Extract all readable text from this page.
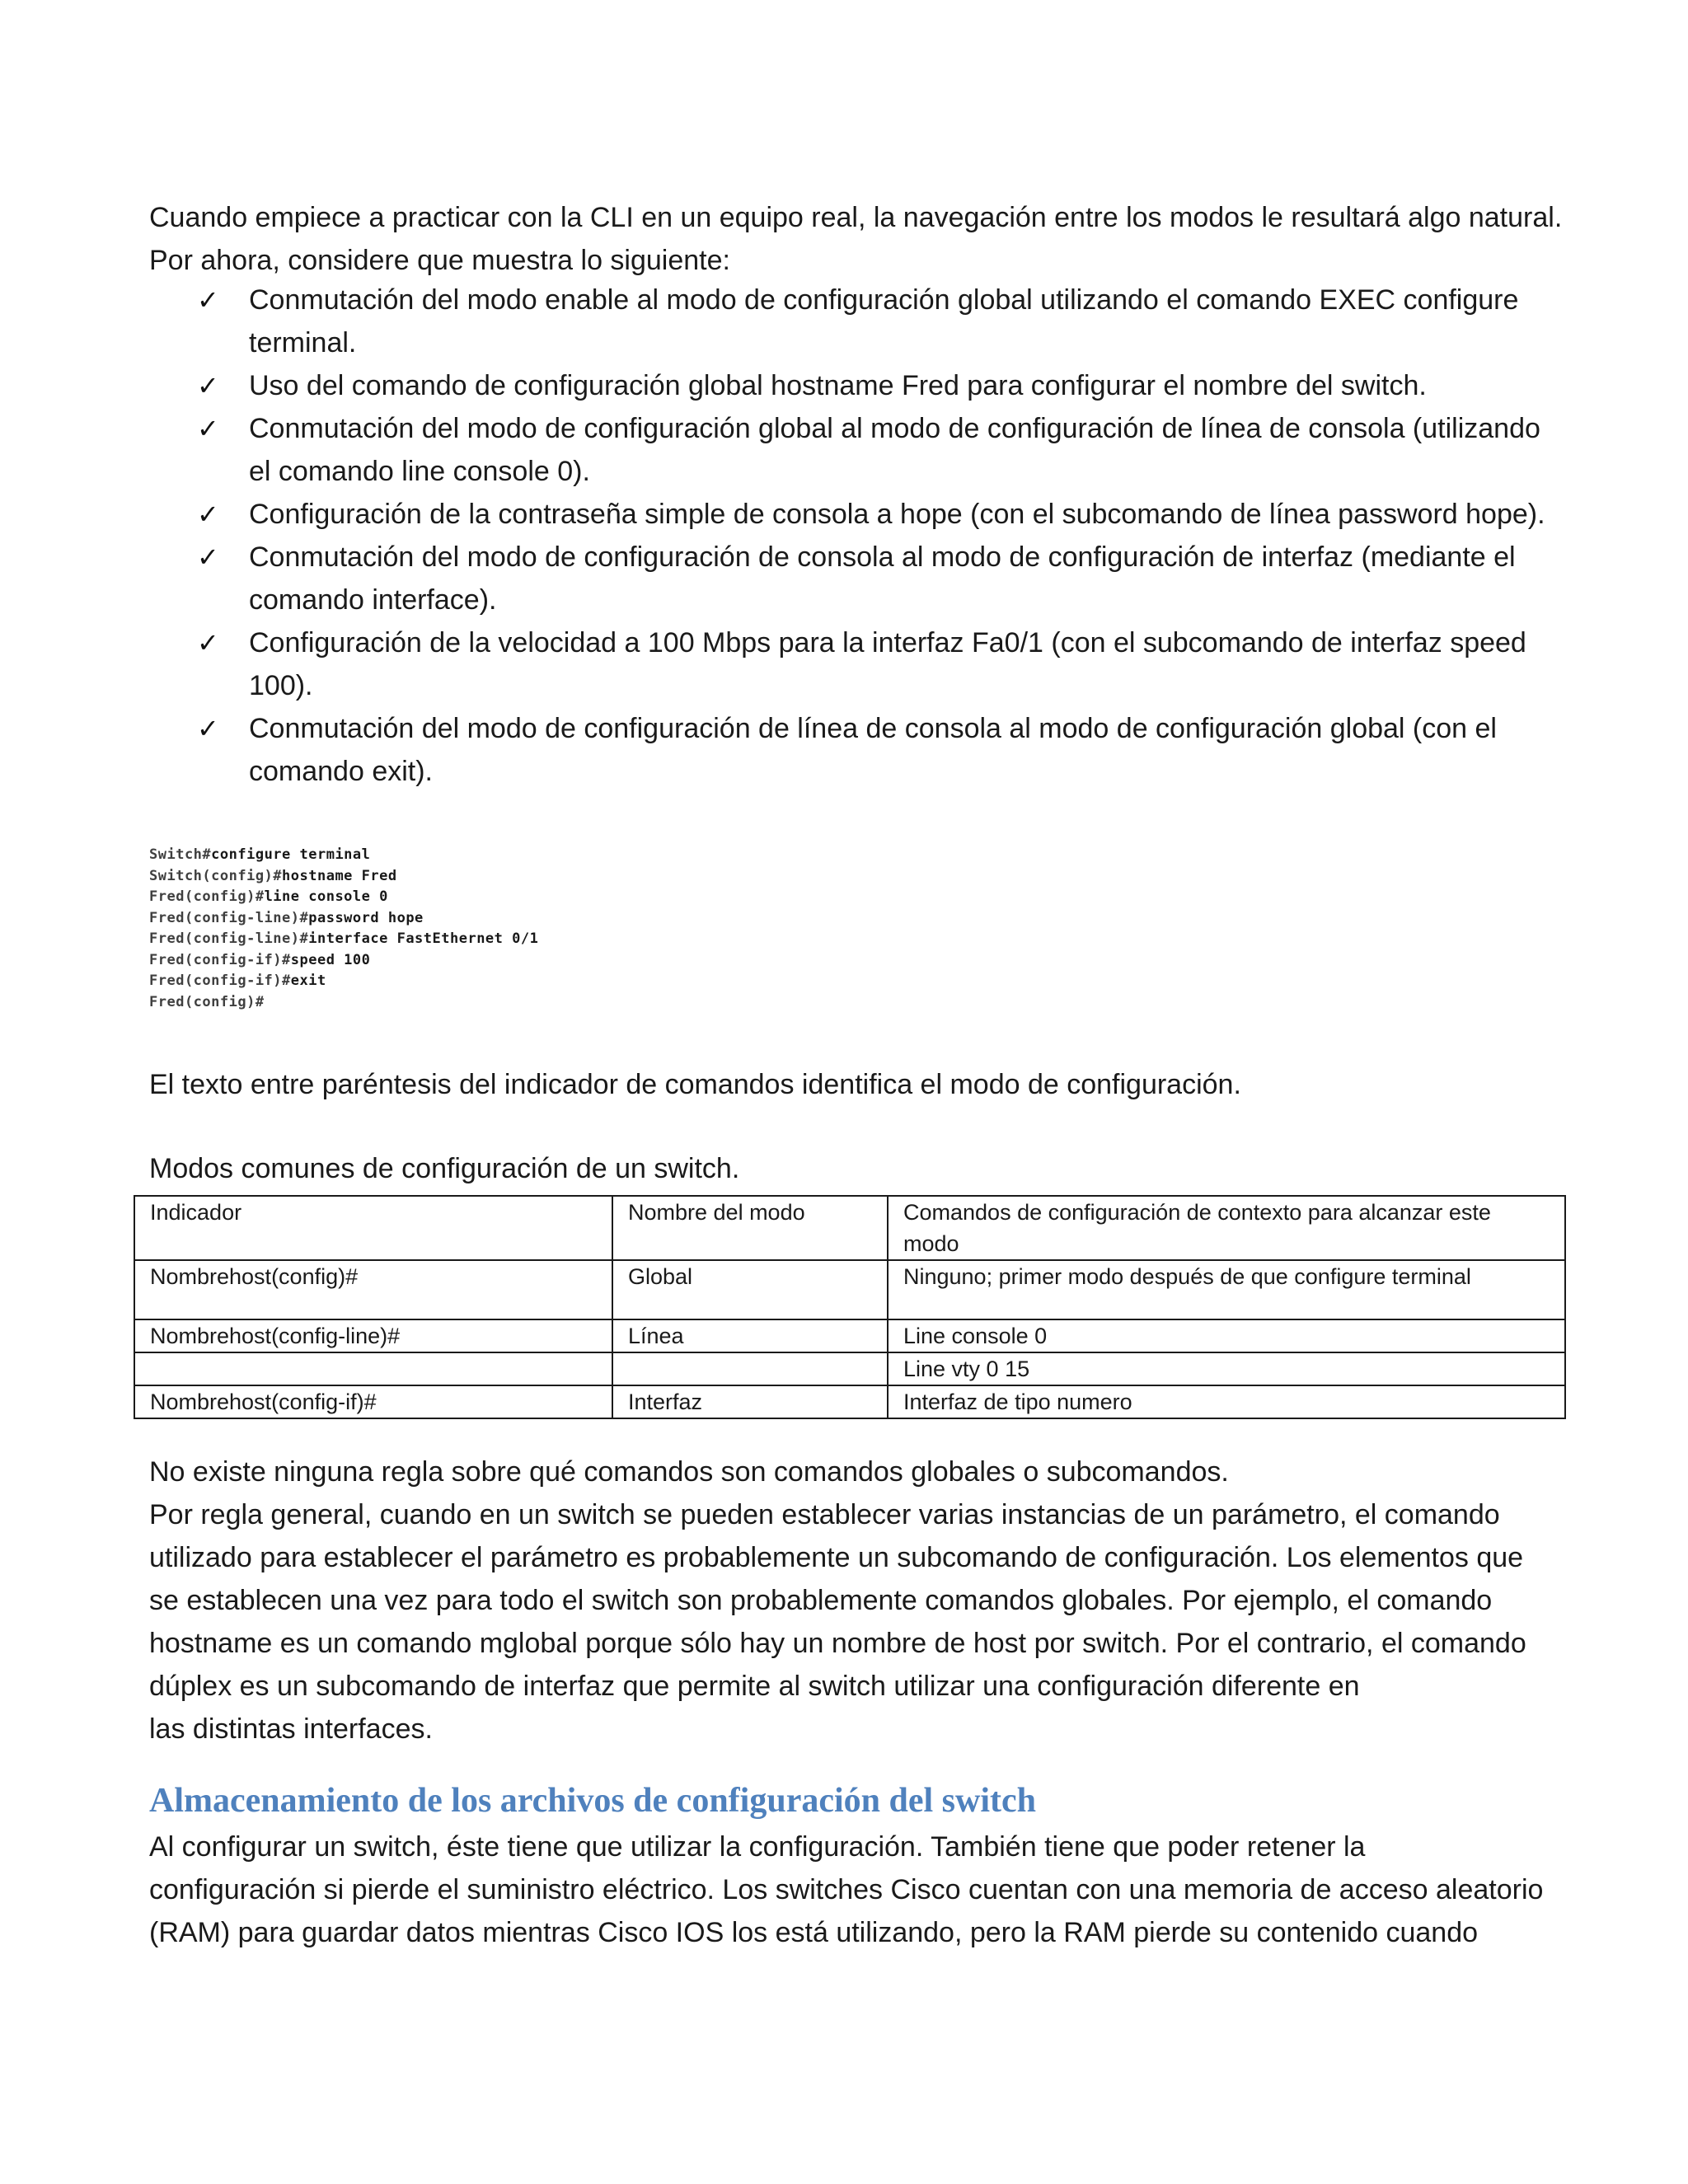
Cuando empiece a practicar con la CLI en un equipo real, la navegación entre los modos le resultará algo natural.

Por ahora, considere que muestra lo siguiente:

✓ Conmutación del modo enable al modo de configuración global utilizando el comando EXEC configure terminal.
✓ Uso del comando de configuración global hostname Fred para configurar el nombre del switch.
✓ Conmutación del modo de configuración global al modo de configuración de línea de consola (utilizando el comando line console 0).
✓ Configuración de la contraseña simple de consola a hope (con el subcomando de línea password hope).
✓ Conmutación del modo de configuración de consola al modo de configuración de interfaz (mediante el comando interface).
✓ Configuración de la velocidad a 100 Mbps para la interfaz Fa0/1 (con el subcomando de interfaz speed 100).
✓ Conmutación del modo de configuración de línea de consola al modo de configuración global (con el comando exit).
Switch#configure terminal
Switch(config)#hostname Fred
Fred(config)#line console 0
Fred(config-line)#password hope
Fred(config-line)#interface FastEthernet 0/1
Fred(config-if)#speed 100
Fred(config-if)#exit
Fred(config)#

El texto entre paréntesis del indicador de comandos identifica el modo de configuración.

Modos comunes de configuración de un switch.

Indicador	Nombre del modo	Comandos de configuración de contexto para alcanzar este modo
Nombrehost(config)#	Global	Ninguno; primer modo después de que configure terminal
Nombrehost(config-line)#	Línea	Line console 0
		Line vty 0 15
Nombrehost(config-if)#	Interfaz	Interfaz de tipo numero

No existe ninguna regla sobre qué comandos son comandos globales o subcomandos.

Por regla general, cuando en un switch se pueden establecer varias instancias de un parámetro, el comando

utilizado para establecer el parámetro es probablemente un subcomando de configuración. Los elementos que

se establecen una vez para todo el switch son probablemente comandos globales. Por ejemplo, el comando

hostname es un comando mglobal porque sólo hay un nombre de host por switch. Por el contrario, el comando

dúplex es un subcomando de interfaz que permite al switch utilizar una configuración diferente en

las distintas interfaces.

Almacenamiento de los archivos de configuración del switch

Al configurar un switch, éste tiene que utilizar la configuración. También tiene que poder retener la

configuración si pierde el suministro eléctrico. Los switches Cisco cuentan con una memoria de acceso aleatorio

(RAM) para guardar datos mientras Cisco IOS los está utilizando, pero la RAM pierde su contenido cuando
